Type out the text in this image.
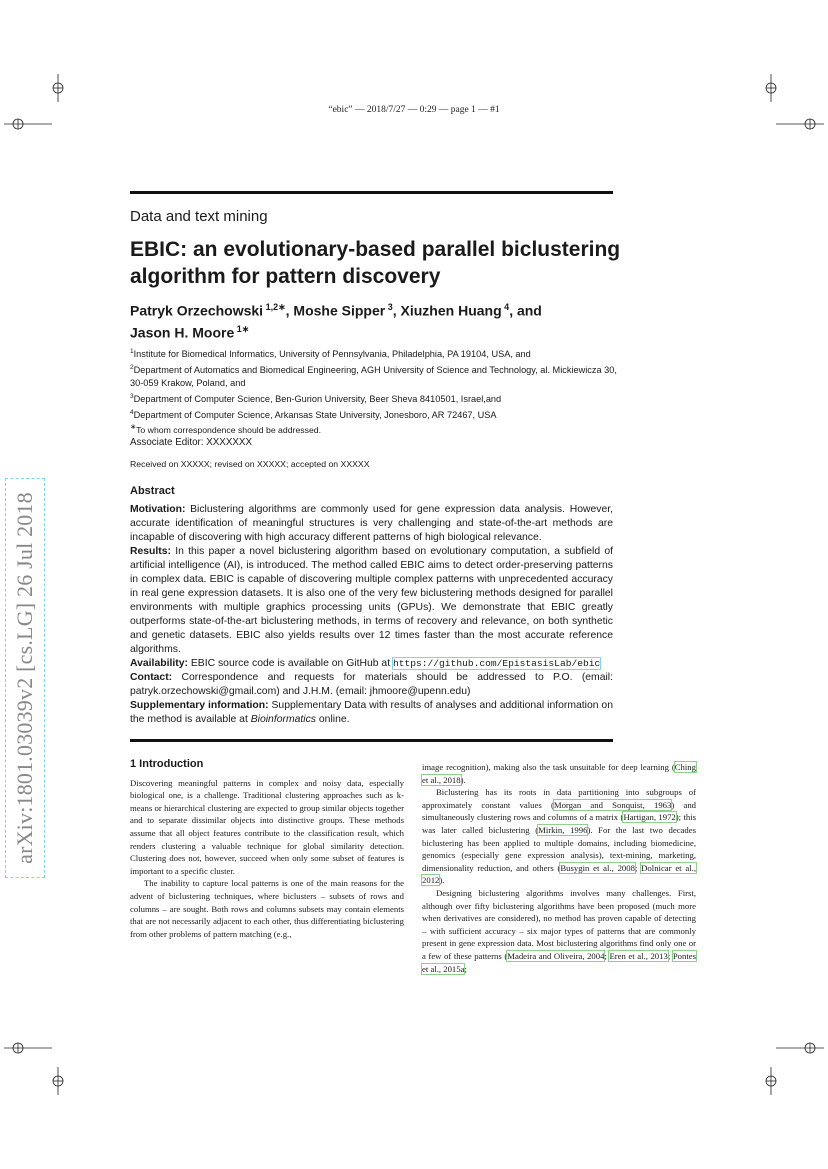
“ebic” — 2018/7/27 — 0:29 — page 1 — #1
arXiv:1801.03039v2 [cs.LG] 26 Jul 2018
Data and text mining
EBIC: an evolutionary-based parallel biclustering
algorithm for pattern discovery
Patryk Orzechowski $^{1,2∗}$, Moshe Sipper $^3$, Xiuzhen Huang $^4$, and
Jason H. Moore $^{1∗}$

$^1$Institute for Biomedical Informatics, University of Pennsylvania, Philadelphia, PA 19104, USA, and

$^2$Department of Automatics and Biomedical Engineering, AGH University of Science and Technology, al. Mickiewicza 30, 30-059 Krakow, Poland, and

$^3$Department of Computer Science, Ben-Gurion University, Beer Sheva 8410501, Israel,and

$^4$Department of Computer Science, Arkansas State University, Jonesboro, AR 72467, USA

∗To whom correspondence should be addressed.
Associate Editor: XXXXXXX
Received on XXXXX; revised on XXXXX; accepted on XXXXX
Abstract

Motivation: Biclustering algorithms are commonly used for gene expression data analysis. However, accurate identification of meaningful structures is very challenging and state-of-the-art methods are incapable of discovering with high accuracy different patterns of high biological relevance.

Results: In this paper a novel biclustering algorithm based on evolutionary computation, a subfield of artificial intelligence (AI), is introduced. The method called EBIC aims to detect order-preserving patterns in complex data. EBIC is capable of discovering multiple complex patterns with unprecedented accuracy in real gene expression datasets. It is also one of the very few biclustering methods designed for parallel environments with multiple graphics processing units (GPUs). We demonstrate that EBIC greatly outperforms state-of-the-art biclustering methods, in terms of recovery and relevance, on both synthetic and genetic datasets. EBIC also yields results over 12 times faster than the most accurate reference algorithms.

Availability: EBIC source code is available on GitHub at https://github.com/EpistasisLab/ebic

Contact: Correspondence and requests for materials should be addressed to P.O. (email: patryk.orzechowski@gmail.com) and J.H.M. (email: jhmoore@upenn.edu)

Supplementary information: Supplementary Data with results of analyses and additional information on the method is available at Bioinformatics online.

1 Introduction

Discovering meaningful patterns in complex and noisy data, especially biological one, is a challenge. Traditional clustering approaches such as k-means or hierarchical clustering are expected to group similar objects together and to separate dissimilar objects into distinctive groups. These methods assume that all object features contribute to the classification result, which renders clustering a valuable technique for global similarity detection. Clustering does not, however, succeed when only some subset of features is important to a specific cluster.

The inability to capture local patterns is one of the main reasons for the advent of biclustering techniques, where biclusters – subsets of rows and columns – are sought. Both rows and columns subsets may contain elements that are not necessarily adjacent to each other, thus differentiating biclustering from other problems of pattern matching (e.g.,

image recognition), making also the task unsuitable for deep learning (Ching et al., 2018).

Biclustering has its roots in data partitioning into subgroups of approximately constant values (Morgan and Sonquist, 1963) and simultaneously clustering rows and columns of a matrix (Hartigan, 1972); this was later called biclustering (Mirkin, 1996). For the last two decades biclustering has been applied to multiple domains, including biomedicine, genomics (especially gene expression analysis), text-mining, marketing, dimensionality reduction, and others (Busygin et al., 2008; Dolnicar et al., 2012).

Designing biclustering algorithms involves many challenges. First, although over fifty biclustering algorithms have been proposed (much more when derivatives are considered), no method has proven capable of detecting – with sufficient accuracy – six major types of patterns that are commonly present in gene expression data. Most biclustering algorithms find only one or a few of these patterns (Madeira and Oliveira, 2004; Eren et al., 2013; Pontes et al., 2015a;
